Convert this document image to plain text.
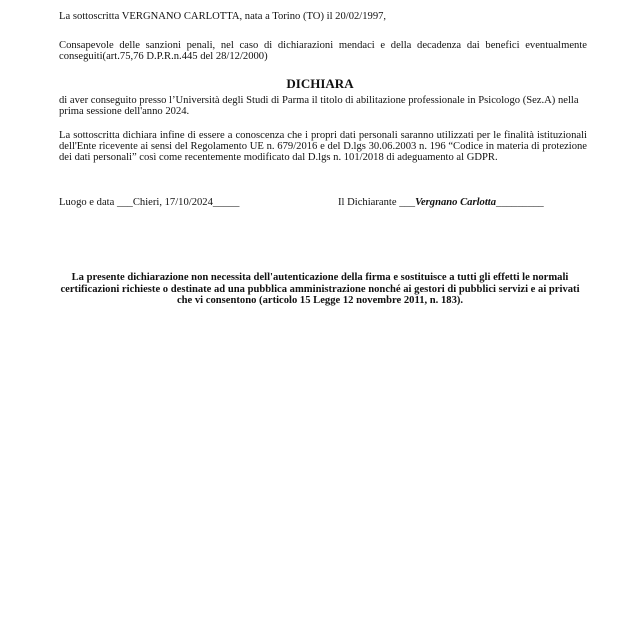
La sottoscritta VERGNANO CARLOTTA, nata a Torino (TO) il 20/02/1997,
Consapevole delle sanzioni penali, nel caso di dichiarazioni mendaci e della decadenza dai benefici eventualmente conseguiti(art.75,76 D.P.R.n.445 del 28/12/2000)
DICHIARA
di aver conseguito presso l’Università degli Studi di Parma il titolo di abilitazione professionale in Psicologo (Sez.A) nella prima sessione dell'anno 2024.
La sottoscritta dichiara infine di essere a conoscenza che i propri dati personali saranno utilizzati per le finalità istituzionali dell'Ente ricevente ai sensi del Regolamento UE n. 679/2016 e del D.lgs 30.06.2003 n. 196 “Codice in materia di protezione dei dati personali” così come recentemente modificato dal D.lgs n. 101/2018 di adeguamento al GDPR.
Luogo e data ___Chieri, 17/10/2024_____	Il Dichiarante ___Vergnano Carlotta_________
La presente dichiarazione non necessita dell'autenticazione della firma e sostituisce a tutti gli effetti le normali certificazioni richieste o destinate ad una pubblica amministrazione nonché ai gestori di pubblici servizi e ai privati che vi consentono (articolo 15 Legge 12 novembre 2011, n. 183).
